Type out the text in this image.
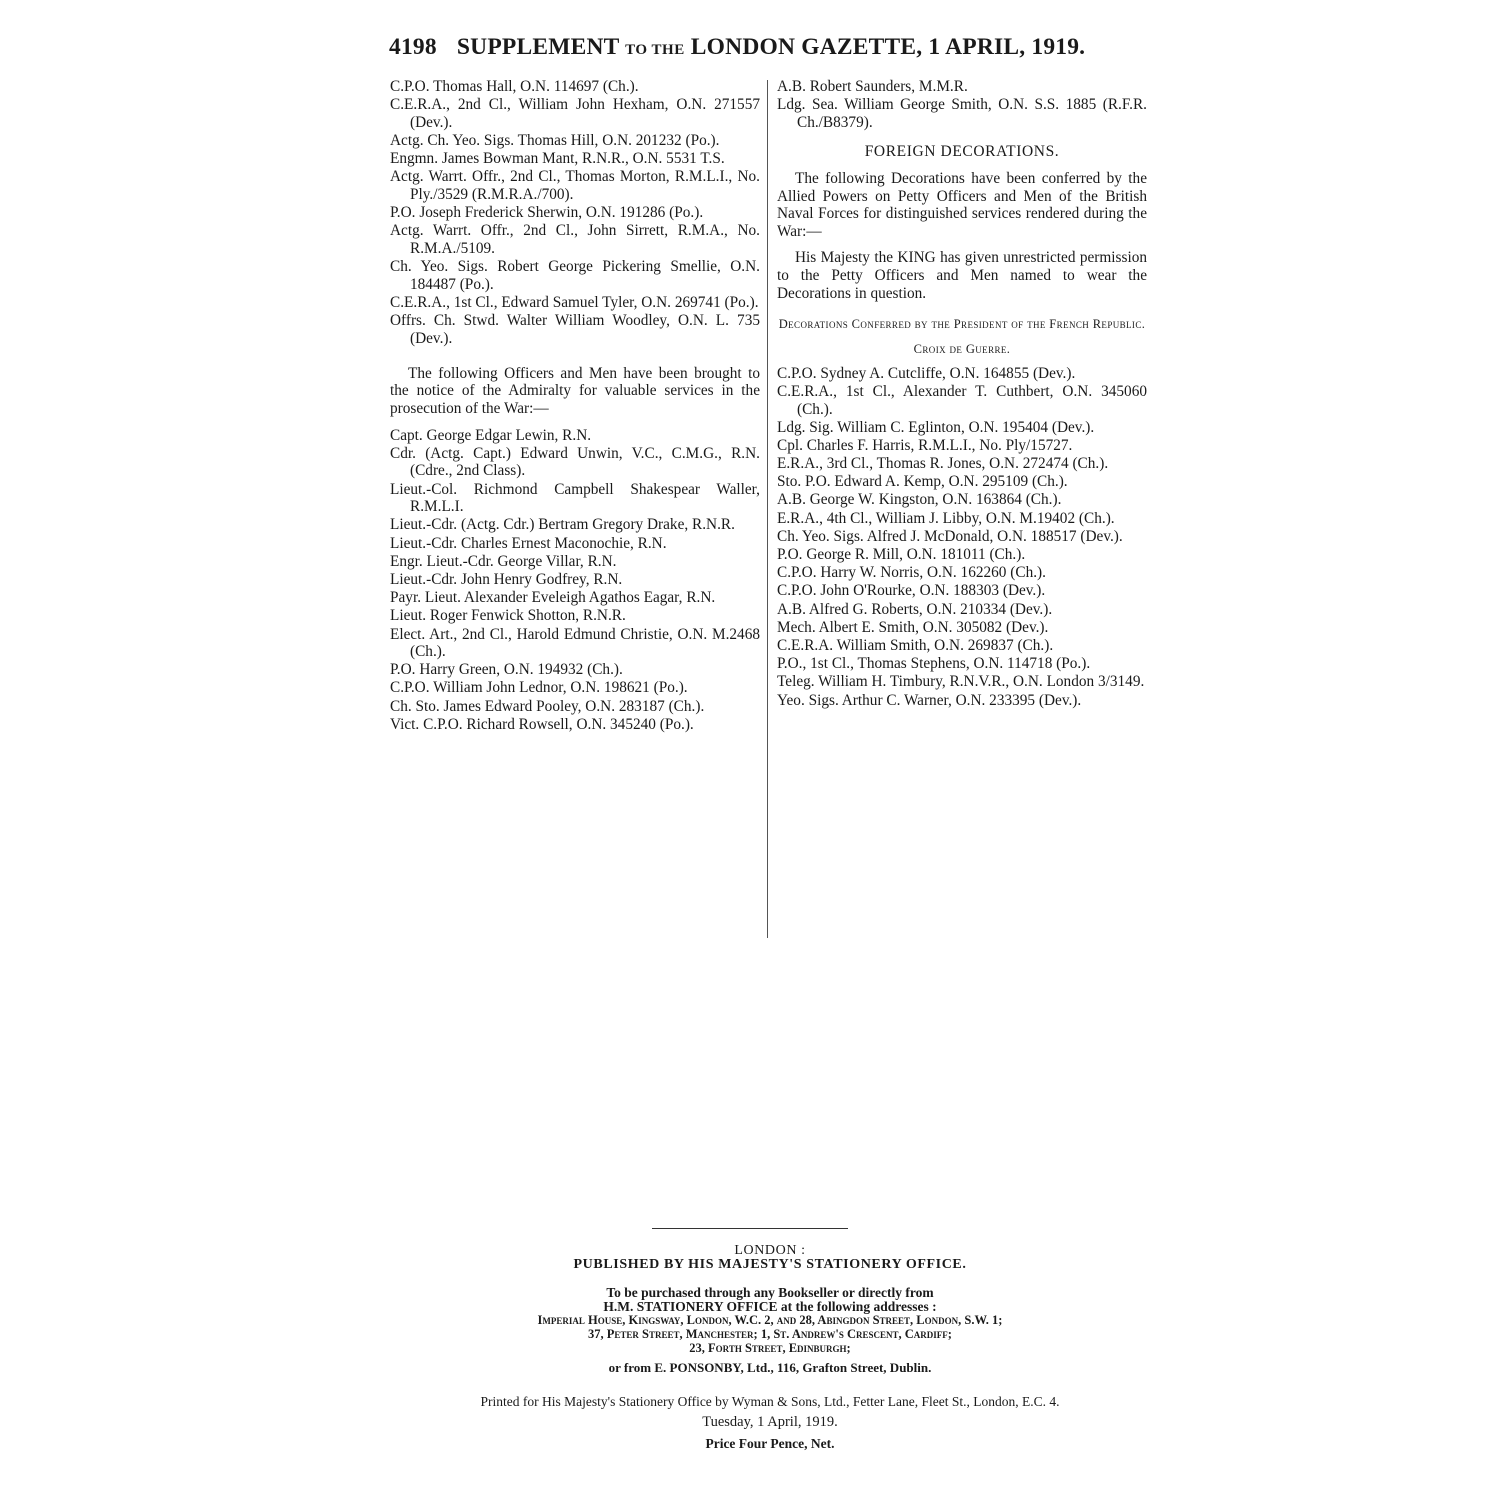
4198 SUPPLEMENT TO THE LONDON GAZETTE, 1 APRIL, 1919.

C.P.O. Thomas Hall, O.N. 114697 (Ch.).

C.E.R.A., 2nd Cl., William John Hexham, O.N. 271557 (Dev.).

Actg. Ch. Yeo. Sigs. Thomas Hill, O.N. 201232 (Po.).

Engmn. James Bowman Mant, R.N.R., O.N. 5531 T.S.

Actg. Warrt. Offr., 2nd Cl., Thomas Morton, R.M.L.I., No. Ply./3529 (R.M.R.A./700).

P.O. Joseph Frederick Sherwin, O.N. 191286 (Po.).

Actg. Warrt. Offr., 2nd Cl., John Sirrett, R.M.A., No. R.M.A./5109.

Ch. Yeo. Sigs. Robert George Pickering Smellie, O.N. 184487 (Po.).

C.E.R.A., 1st Cl., Edward Samuel Tyler, O.N. 269741 (Po.).

Offrs. Ch. Stwd. Walter William Woodley, O.N. L. 735 (Dev.).

The following Officers and Men have been brought to the notice of the Admiralty for valuable services in the prosecution of the War:—

Capt. George Edgar Lewin, R.N.

Cdr. (Actg. Capt.) Edward Unwin, V.C., C.M.G., R.N. (Cdre., 2nd Class).

Lieut.-Col. Richmond Campbell Shakespear Waller, R.M.L.I.

Lieut.-Cdr. (Actg. Cdr.) Bertram Gregory Drake, R.N.R.

Lieut.-Cdr. Charles Ernest Maconochie, R.N.

Engr. Lieut.-Cdr. George Villar, R.N.

Lieut.-Cdr. John Henry Godfrey, R.N.

Payr. Lieut. Alexander Eveleigh Agathos Eagar, R.N.

Lieut. Roger Fenwick Shotton, R.N.R.

Elect. Art., 2nd Cl., Harold Edmund Christie, O.N. M.2468 (Ch.).

P.O. Harry Green, O.N. 194932 (Ch.).

C.P.O. William John Lednor, O.N. 198621 (Po.).

Ch. Sto. James Edward Pooley, O.N. 283187 (Ch.).

Vict. C.P.O. Richard Rowsell, O.N. 345240 (Po.).

A.B. Robert Saunders, M.M.R.

Ldg. Sea. William George Smith, O.N. S.S. 1885 (R.F.R. Ch./B8379).

FOREIGN DECORATIONS.

The following Decorations have been conferred by the Allied Powers on Petty Officers and Men of the British Naval Forces for distinguished services rendered during the War:—

His Majesty the KING has given unrestricted permission to the Petty Officers and Men named to wear the Decorations in question.

Decorations Conferred by the President of the French Republic.
Croix de Guerre.

C.P.O. Sydney A. Cutcliffe, O.N. 164855 (Dev.).

C.E.R.A., 1st Cl., Alexander T. Cuthbert, O.N. 345060 (Ch.).

Ldg. Sig. William C. Eglinton, O.N. 195404 (Dev.).

Cpl. Charles F. Harris, R.M.L.I., No. Ply/15727.

E.R.A., 3rd Cl., Thomas R. Jones, O.N. 272474 (Ch.).

Sto. P.O. Edward A. Kemp, O.N. 295109 (Ch.).

A.B. George W. Kingston, O.N. 163864 (Ch.).

E.R.A., 4th Cl., William J. Libby, O.N. M.19402 (Ch.).

Ch. Yeo. Sigs. Alfred J. McDonald, O.N. 188517 (Dev.).

P.O. George R. Mill, O.N. 181011 (Ch.).

C.P.O. Harry W. Norris, O.N. 162260 (Ch.).

C.P.O. John O'Rourke, O.N. 188303 (Dev.).

A.B. Alfred G. Roberts, O.N. 210334 (Dev.).

Mech. Albert E. Smith, O.N. 305082 (Dev.).

C.E.R.A. William Smith, O.N. 269837 (Ch.).

P.O., 1st Cl., Thomas Stephens, O.N. 114718 (Po.).

Teleg. William H. Timbury, R.N.V.R., O.N. London 3/3149.

Yeo. Sigs. Arthur C. Warner, O.N. 233395 (Dev.).

LONDON :
PUBLISHED BY HIS MAJESTY'S STATIONERY OFFICE.
To be purchased through any Bookseller or directly from
H.M. STATIONERY OFFICE at the following addresses :
Imperial House, Kingsway, London, W.C. 2, and 28, Abingdon Street, London, S.W. 1;
37, Peter Street, Manchester; 1, St. Andrew's Crescent, Cardiff;
23, Forth Street, Edinburgh;
or from E. PONSONBY, Ltd., 116, Grafton Street, Dublin.
Printed for His Majesty's Stationery Office by Wyman & Sons, Ltd., Fetter Lane, Fleet St., London, E.C. 4.
Tuesday, 1 April, 1919.
Price Four Pence, Net.
